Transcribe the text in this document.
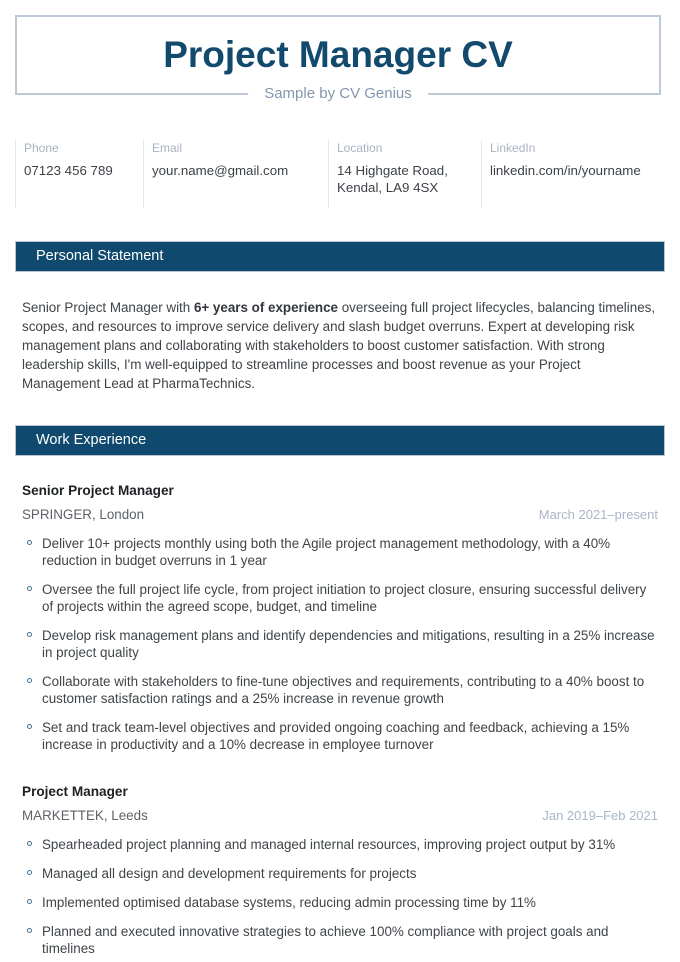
Project Manager CV
Sample by CV Genius
Phone
07123 456 789
Email
your.name@gmail.com
Location
14 Highgate Road, Kendal, LA9 4SX
LinkedIn
linkedin.com/in/yourname
Personal Statement

Senior Project Manager with 6+ years of experience overseeing full project lifecycles, balancing timelines, scopes, and resources to improve service delivery and slash budget overruns. Expert at developing risk management plans and collaborating with stakeholders to boost customer satisfaction. With strong leadership skills, I'm well-equipped to streamline processes and boost revenue as your Project Management Lead at PharmaTechnics.

Work Experience
Senior Project Manager
SPRINGER, London	March 2021–present
Deliver 10+ projects monthly using both the Agile project management methodology, with a 40% reduction in budget overruns in 1 year
Oversee the full project life cycle, from project initiation to project closure, ensuring successful delivery of projects within the agreed scope, budget, and timeline
Develop risk management plans and identify dependencies and mitigations, resulting in a 25% increase in project quality
Collaborate with stakeholders to fine-tune objectives and requirements, contributing to a 40% boost to customer satisfaction ratings and a 25% increase in revenue growth
Set and track team-level objectives and provided ongoing coaching and feedback, achieving a 15% increase in productivity and a 10% decrease in employee turnover
Project Manager
MARKETTEK, Leeds	Jan 2019–Feb 2021
Spearheaded project planning and managed internal resources, improving project output by 31%
Managed all design and development requirements for projects
Implemented optimised database systems, reducing admin processing time by 11%
Planned and executed innovative strategies to achieve 100% compliance with project goals and timelines
